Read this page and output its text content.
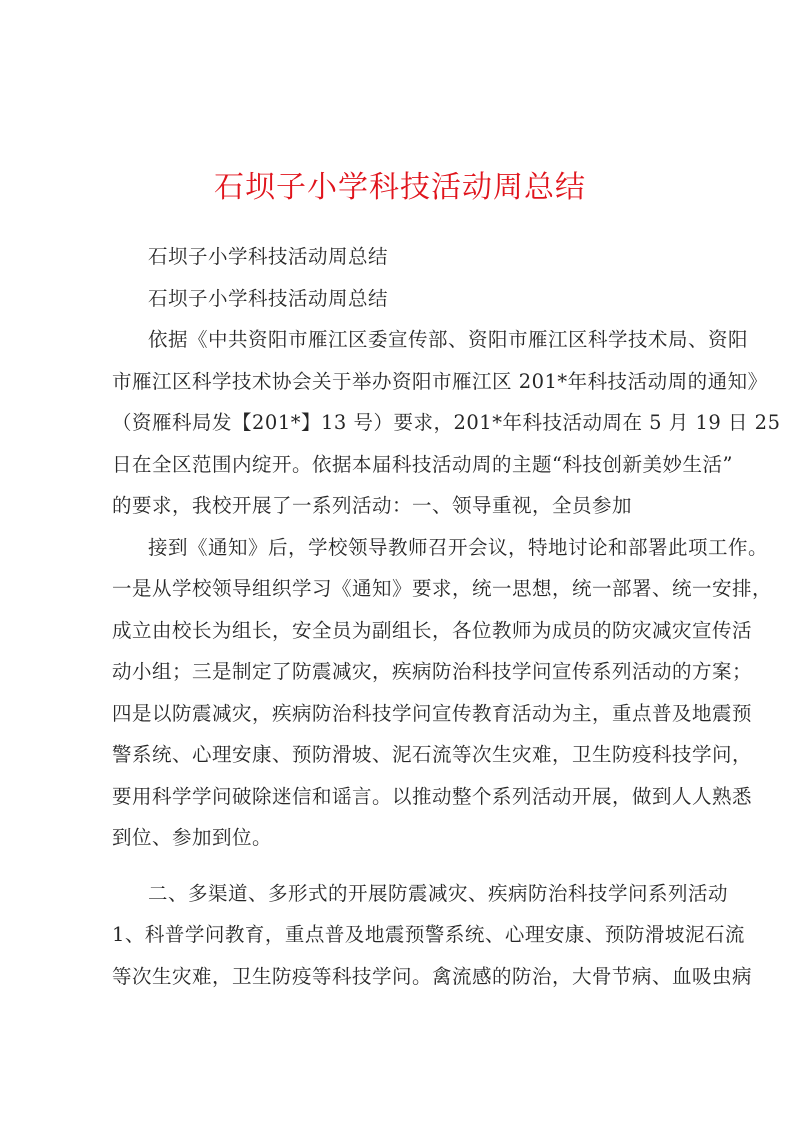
石坝子小学科技活动周总结

石坝子小学科技活动周总结

石坝子小学科技活动周总结

依据《中共资阳市雁江区委宣传部、资阳市雁江区科学技术局、资阳
市雁江区科学技术协会关于举办资阳市雁江区 201*年科技活动周的通知》
（资雁科局发【201*】13 号）要求，201*年科技活动周在 5 月 19 日 25
日在全区范围内绽开。依据本届科技活动周的主题“科技创新美妙生活”
的要求，我校开展了一系列活动：一、领导重视，全员参加

接到《通知》后，学校领导教师召开会议，特地讨论和部署此项工作。
一是从学校领导组织学习《通知》要求，统一思想，统一部署、统一安排，
成立由校长为组长，安全员为副组长，各位教师为成员的防灾减灾宣传活
动小组；三是制定了防震减灾，疾病防治科技学问宣传系列活动的方案；
四是以防震减灾，疾病防治科技学问宣传教育活动为主，重点普及地震预
警系统、心理安康、预防滑坡、泥石流等次生灾难，卫生防疫科技学问，
要用科学学问破除迷信和谣言。以推动整个系列活动开展，做到人人熟悉
到位、参加到位。

二、多渠道、多形式的开展防震减灾、疾病防治科技学问系列活动
1、科普学问教育，重点普及地震预警系统、心理安康、预防滑坡泥石流
等次生灾难，卫生防疫等科技学问。禽流感的防治，大骨节病、血吸虫病
